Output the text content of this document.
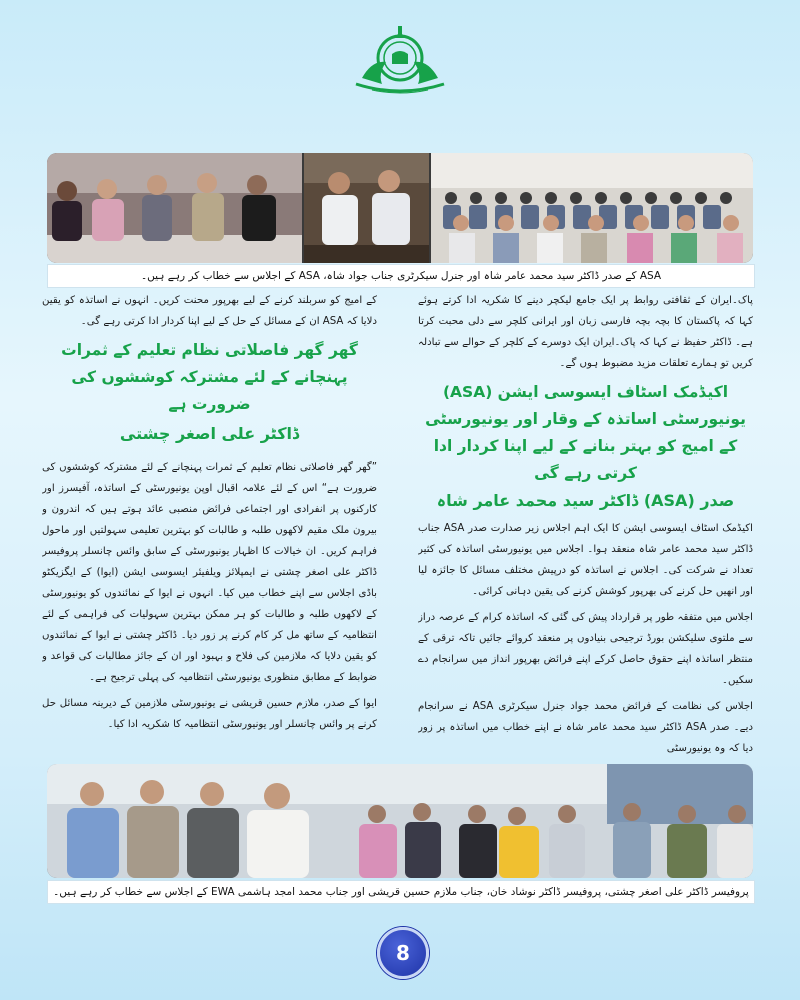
ASA کے صدر ڈاکٹر سید محمد عامر شاہ اور جنرل سیکرٹری جناب جواد شاہ، ASA کے اجلاس سے خطاب کر رہے ہیں۔

پاک۔ایران کے ثقافتی روابط پر ایک جامع لیکچر دینے کا شکریہ ادا کرتے ہوئے کہا کہ پاکستان کا بچہ بچہ فارسی زبان اور ایرانی کلچر سے دلی محبت کرتا ہے۔ ڈاکٹر حفیظ نے کہا کہ پاک۔ایران ایک دوسرے کے کلچر کے حوالے سے تبادلہ کریں تو ہمارے تعلقات مزید مضبوط ہوں گے۔

اکیڈمک اسٹاف ایسوسی ایشن (ASA) یونیورسٹی اساتذہ کے وقار اور یونیورسٹی کے امیج کو بہتر بنانے کے لیے اپنا کردار ادا کرتی رہے گی
صدر (ASA) ڈاکٹر سید محمد عامر شاہ

اکیڈمک اسٹاف ایسوسی ایشن کا ایک اہم اجلاس زیر صدارت صدر ASA جناب ڈاکٹر سید محمد عامر شاہ منعقد ہوا۔ اجلاس میں یونیورسٹی اساتذہ کی کثیر تعداد نے شرکت کی۔ اجلاس نے اساتذہ کو درپیش مختلف مسائل کا جائزہ لیا اور انھیں حل کرنے کی بھرپور کوشش کرنے کی یقین دہانی کرائی۔

اجلاس میں متفقہ طور پر قرارداد پیش کی گئی کہ اساتذہ کرام کے عرصہ دراز سے ملتوی سلیکشن بورڈ ترجیحی بنیادوں پر منعقد کروائے جائیں تاکہ ترقی کے منتظر اساتذہ اپنے حقوق حاصل کرکے اپنے فرائض بھرپور انداز میں سرانجام دے سکیں۔

اجلاس کی نظامت کے فرائض محمد جواد جنرل سیکرٹری ASA نے سرانجام دیے۔ صدر ASA ڈاکٹر سید محمد عامر شاہ نے اپنے خطاب میں اساتذہ پر زور دیا کہ وہ یونیورسٹی

کے امیج کو سربلند کرنے کے لیے بھرپور محنت کریں۔ انہوں نے اساتذہ کو یقین دلایا کہ ASA ان کے مسائل کے حل کے لیے اپنا کردار ادا کرتی رہے گی۔

گھر گھر فاصلاتی نظام تعلیم کے ثمرات پہنچانے کے لئے مشترکہ کوششوں کی ضرورت ہے
ڈاکٹر علی اصغر چشتی

”گھر گھر فاصلاتی نظام تعلیم کے ثمرات پہنچانے کے لئے مشترکہ کوششوں کی ضرورت ہے“ اس کے لئے علامہ اقبال اوپن یونیورسٹی کے اساتذہ، آفیسرز اور کارکنوں پر انفرادی اور اجتماعی فرائض منصبی عائد ہوتے ہیں کہ اندرون و بیرون ملک مقیم لاکھوں طلبہ و طالبات کو بہترین تعلیمی سہولتیں اور ماحول فراہم کریں۔ ان خیالات کا اظہار یونیورسٹی کے سابق وائس چانسلر پروفیسر ڈاکٹر علی اصغر چشتی نے ایمپلائز ویلفیئر ایسوسی ایشن (ایوا) کے ایگزیکٹو باڈی اجلاس سے اپنے خطاب میں کیا۔ انہوں نے ایوا کے نمائندوں کو یونیورسٹی کے لاکھوں طلبہ و طالبات کو ہر ممکن بہترین سہولیات کی فراہمی کے لئے انتظامیہ کے ساتھ مل کر کام کرنے پر زور دیا۔ ڈاکٹر چشتی نے ایوا کے نمائندوں کو یقین دلایا کہ ملازمین کی فلاح و بہبود اور ان کے جائز مطالبات کی قواعد و ضوابط کے مطابق منظوری یونیورسٹی انتظامیہ کی پہلی ترجیح ہے۔

ایوا کے صدر، ملازم حسین قریشی نے یونیورسٹی ملازمین کے دیرینہ مسائل حل کرنے پر وائس چانسلر اور یونیورسٹی انتظامیہ کا شکریہ ادا کیا۔

پروفیسر ڈاکٹر علی اصغر چشتی، پروفیسر ڈاکٹر نوشاد خان، جناب ملازم حسین قریشی اور جناب محمد امجد ہاشمی EWA کے اجلاس سے خطاب کر رہے ہیں۔
8
